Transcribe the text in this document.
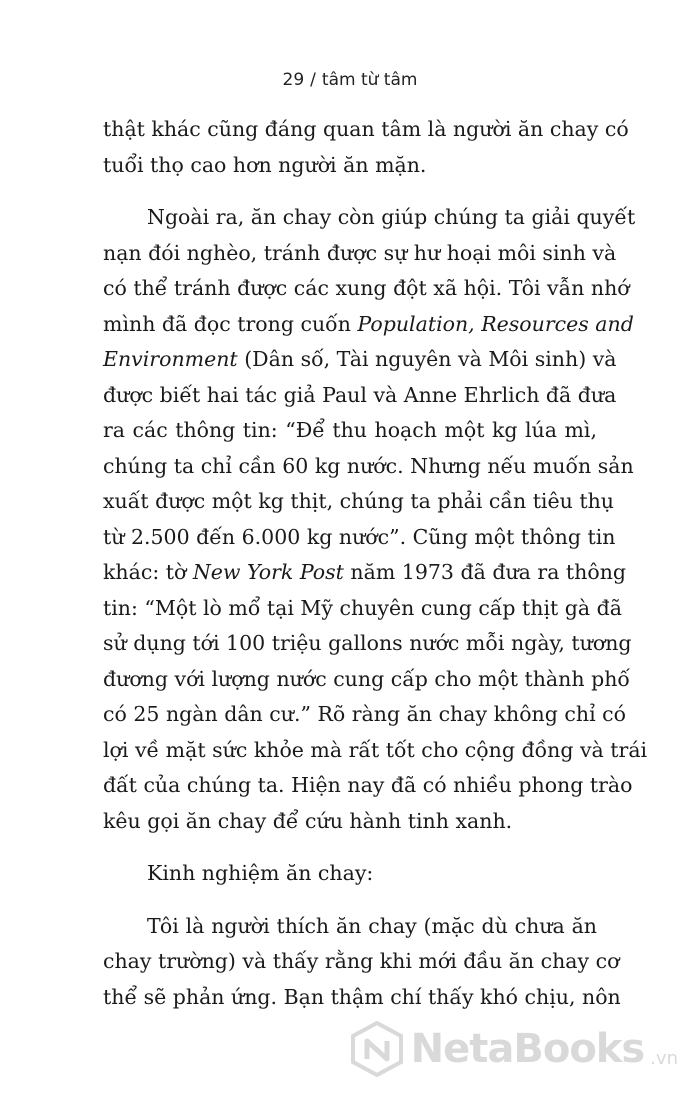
29 / tâm từ tâm

thật khác cũng đáng quan tâm là người ăn chay có
tuổi thọ cao hơn người ăn mặn.

Ngoài ra, ăn chay còn giúp chúng ta giải quyết
nạn đói nghèo, tránh được sự hư hoại môi sinh và
có thể tránh được các xung đột xã hội. Tôi vẫn nhớ
mình đã đọc trong cuốn Population, Resources and
Environment (Dân số, Tài nguyên và Môi sinh) và
được biết hai tác giả Paul và Anne Ehrlich đã đưa
ra các thông tin: “Để thu hoạch một kg lúa mì,
chúng ta chỉ cần 60 kg nước. Nhưng nếu muốn sản
xuất được một kg thịt, chúng ta phải cần tiêu thụ
từ 2.500 đến 6.000 kg nước”. Cũng một thông tin
khác: tờ New York Post năm 1973 đã đưa ra thông
tin: “Một lò mổ tại Mỹ chuyên cung cấp thịt gà đã
sử dụng tới 100 triệu gallons nước mỗi ngày, tương
đương với lượng nước cung cấp cho một thành phố
có 25 ngàn dân cư.” Rõ ràng ăn chay không chỉ có
lợi về mặt sức khỏe mà rất tốt cho cộng đồng và trái
đất của chúng ta. Hiện nay đã có nhiều phong trào
kêu gọi ăn chay để cứu hành tinh xanh.

Kinh nghiệm ăn chay:

Tôi là người thích ăn chay (mặc dù chưa ăn
chay trường) và thấy rằng khi mới đầu ăn chay cơ
thể sẽ phản ứng. Bạn thậm chí thấy khó chịu, nôn

NetaBooks .vn
